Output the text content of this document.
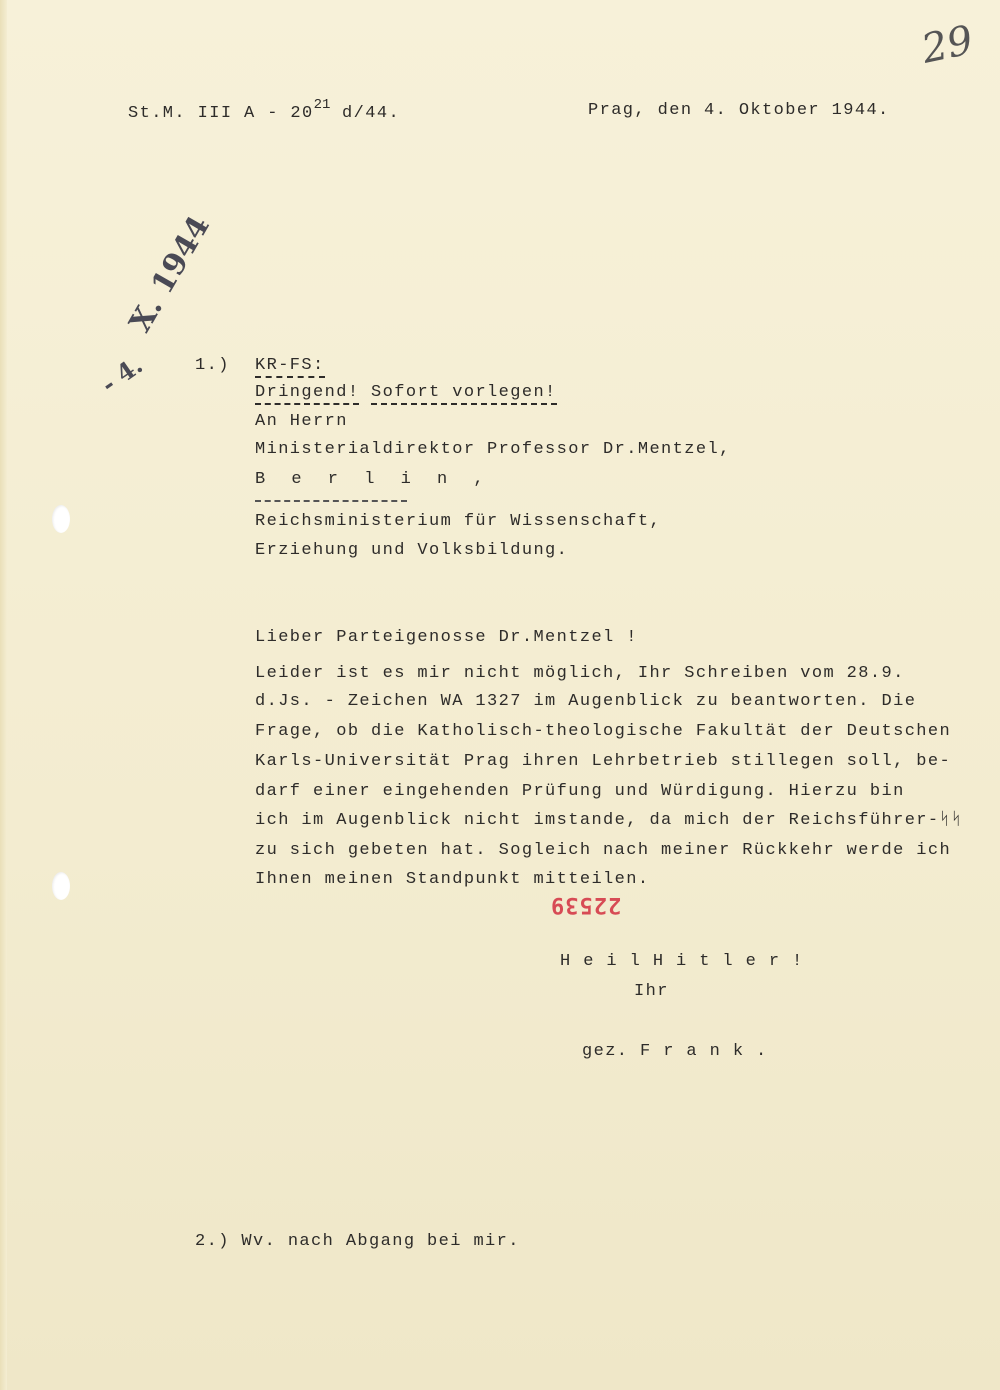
29
St.M. III A - $20^{21}$ d/44.	Prag, den 4. Oktober 1944.
- 4.
X. 1944
1.) KR-FS:
Dringend! Sofort vorlegen!
An Herrn
Ministerialdirektor Professor Dr.Mentzel,
B e r l i n ,
Reichsministerium für Wissenschaft,
Erziehung und Volksbildung.
Lieber Parteigenosse Dr.Mentzel !
Leider ist es mir nicht möglich, Ihr Schreiben vom 28.9.
d.Js. - Zeichen WA 1327 im Augenblick zu beantworten. Die
Frage, ob die Katholisch-theologische Fakultät der Deutschen
Karls-Universität Prag ihren Lehrbetrieb stillegen soll, be-
darf einer eingehenden Prüfung und Würdigung. Hierzu bin
ich im Augenblick nicht imstande, da mich der Reichsführer-ᛋᛋ
zu sich gebeten hat. Sogleich nach meiner Rückkehr werde ich
Ihnen meinen Standpunkt mitteilen.
22539
H e i l H i t l e r !
Ihr
gez. F r a n k .
2.) Wv. nach Abgang bei mir.
